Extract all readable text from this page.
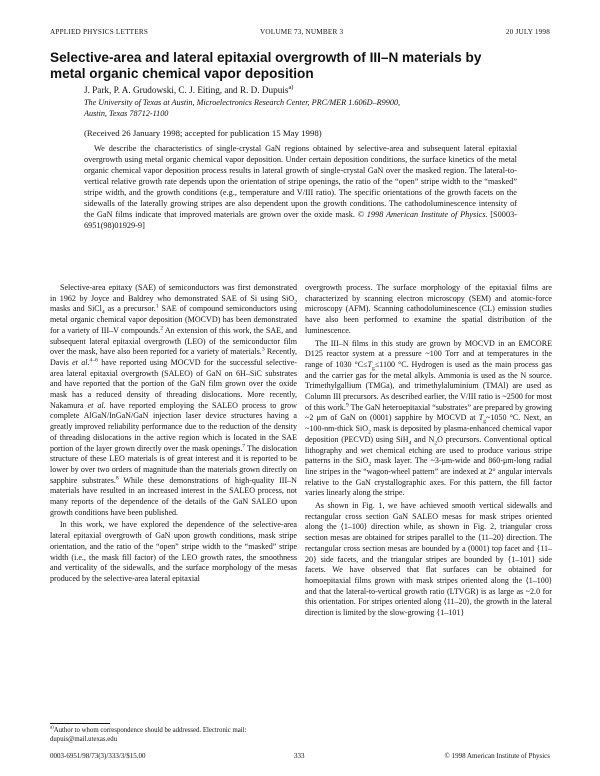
APPLIED PHYSICS LETTERS	VOLUME 73, NUMBER 3	20 JULY 1998
Selective-area and lateral epitaxial overgrowth of III–N materials by
metal organic chemical vapor deposition
J. Park, P. A. Grudowski, C. J. Eiting, and R. D. Dupuis$^{a)}$
The University of Texas at Austin, Microelectronics Research Center, PRC/MER 1.606D–R9900,
Austin, Texas 78712-1100
(Received 26 January 1998; accepted for publication 15 May 1998)
We describe the characteristics of single-crystal GaN regions obtained by selective-area and subsequent lateral epitaxial overgrowth using metal organic chemical vapor deposition. Under certain deposition conditions, the surface kinetics of the metal organic chemical vapor deposition process results in lateral growth of single-crystal GaN over the masked region. The lateral-to-vertical relative growth rate depends upon the orientation of stripe openings, the ratio of the “open” stripe width to the “masked” stripe width, and the growth conditions (e.g., temperature and V/III ratio). The specific orientations of the growth facets on the sidewalls of the laterally growing stripes are also dependent upon the growth conditions. The cathodoluminescence intensity of the GaN films indicate that improved materials are grown over the oxide mask. © 1998 American Institute of Physics. [S0003-6951(98)01929-9]

Selective-area epitaxy (SAE) of semiconductors was first demonstrated in 1962 by Joyce and Baldrey who demonstrated SAE of Si using SiO$_2$ masks and SiCl$_4$ as a precursor.$^1$ SAE of compound semiconductors using metal organic chemical vapor deposition (MOCVD) has been demonstrated for a variety of III–V compounds.$^2$ An extension of this work, the SAE, and subsequent lateral epitaxial overgrowth (LEO) of the semiconductor film over the mask, have also been reported for a variety of materials.$^3$ Recently, Davis et al.$^{4-6}$ have reported using MOCVD for the successful selective-area lateral epitaxial overgrowth (SALEO) of GaN on 6H–SiC substrates and have reported that the portion of the GaN film grown over the oxide mask has a reduced density of threading dislocations. More recently, Nakamura et al. have reported employing the SALEO process to grow complete AlGaN/InGaN/GaN injection laser device structures having a greatly improved reliability performance due to the reduction of the density of threading dislocations in the active region which is located in the SAE portion of the layer grown directly over the mask openings.$^7$ The dislocation structure of these LEO materials is of great interest and it is reported to be lower by over two orders of magnitude than the materials grown directly on sapphire substrates.$^8$ While these demonstrations of high-quality III–N materials have resulted in an increased interest in the SALEO process, not many reports of the dependence of the details of the GaN SALEO upon growth conditions have been published.

In this work, we have explored the dependence of the selective-area lateral epitaxial overgrowth of GaN upon growth conditions, mask stripe orientation, and the ratio of the “open” stripe width to the “masked” stripe width (i.e., the mask fill factor) of the LEO growth rates, the smoothness and verticality of the sidewalls, and the surface morphology of the mesas produced by the selective-area lateral epitaxial

overgrowth process. The surface morphology of the epitaxial films are characterized by scanning electron microscopy (SEM) and atomic-force microscopy (AFM). Scanning cathodoluminescence (CL) emission studies have also been performed to examine the spatial distribution of the luminescence.

The III–N films in this study are grown by MOCVD in an EMCORE D125 reactor system at a pressure ~100 Torr and at temperatures in the range of 1030 $^\circ C\le T_g\le 1100$ °C. Hydrogen is used as the main process gas and the carrier gas for the metal alkyls. Ammonia is used as the N source. Trimethylgallium (TMGa), and trimethylaluminium (TMAl) are used as Column III precursors. As described earlier, the V/III ratio is ~2500 for most of this work.$^9$ The GaN heteroepitaxial “substrates” are prepared by growing ~2 μm of GaN on (0001) sapphire by MOCVD at $T_g\sim 1050$ °C. Next, an ~100-nm-thick SiO$_2$ mask is deposited by plasma-enhanced chemical vapor deposition (PECVD) using SiH$_4$ and $N_2O$ precursors. Conventional optical lithography and wet chemical etching are used to produce various stripe patterns in the SiO$_2$ mask layer. The ~3-μm-wide and 860-μm-long radial line stripes in the “wagon-wheel pattern” are indexed at 2° angular intervals relative to the GaN crystallographic axes. For this pattern, the fill factor varies linearly along the stripe.

As shown in Fig. 1, we have achieved smooth vertical sidewalls and rectangular cross section GaN SALEO mesas for mask stripes oriented along the ⟨1–100⟩ direction while, as shown in Fig. 2, triangular cross section mesas are obtained for stripes parallel to the ⟨11–20⟩ direction. The rectangular cross section mesas are bounded by a (0001) top facet and {11–20} side facets, and the triangular stripes are bounded by {1–101} side facets. We have observed that flat surfaces can be obtained for homoepitaxial films grown with mask stripes oriented along the ⟨1–100⟩ and that the lateral-to-vertical growth ratio (LTVGR) is as large as ~2.0 for this orientation. For stripes oriented along ⟨11–20⟩, the growth in the lateral direction is limited by the slow-growing {1–101}

$^{a)}$Author to whom correspondence should be addressed. Electronic mail: dupuis@mail.utexas.edu
0003-6951/98/73(3)/333/3/$15.00	333	© 1998 American Institute of Physics
